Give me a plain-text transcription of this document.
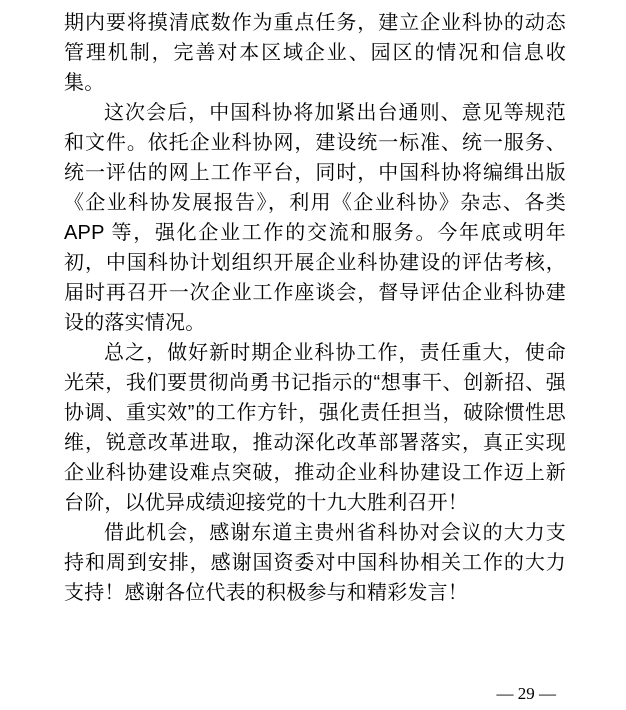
期内要将摸清底数作为重点任务，建立企业科协的动态管理机制，完善对本区域企业、园区的情况和信息收集。

这次会后，中国科协将加紧出台通则、意见等规范和文件。依托企业科协网，建设统一标准、统一服务、统一评估的网上工作平台，同时，中国科协将编缉出版《企业科协发展报告》，利用《企业科协》杂志、各类 APP 等，强化企业工作的交流和服务。今年底或明年初，中国科协计划组织开展企业科协建设的评估考核，届时再召开一次企业工作座谈会，督导评估企业科协建设的落实情况。

总之，做好新时期企业科协工作，责任重大，使命光荣，我们要贯彻尚勇书记指示的“想事干、创新招、强协调、重实效”的工作方针，强化责任担当，破除惯性思维，锐意改革进取，推动深化改革部署落实，真正实现企业科协建设难点突破，推动企业科协建设工作迈上新台阶，以优异成绩迎接党的十九大胜利召开！

借此机会，感谢东道主贵州省科协对会议的大力支持和周到安排，感谢国资委对中国科协相关工作的大力支持！感谢各位代表的积极参与和精彩发言！

— 29 —
